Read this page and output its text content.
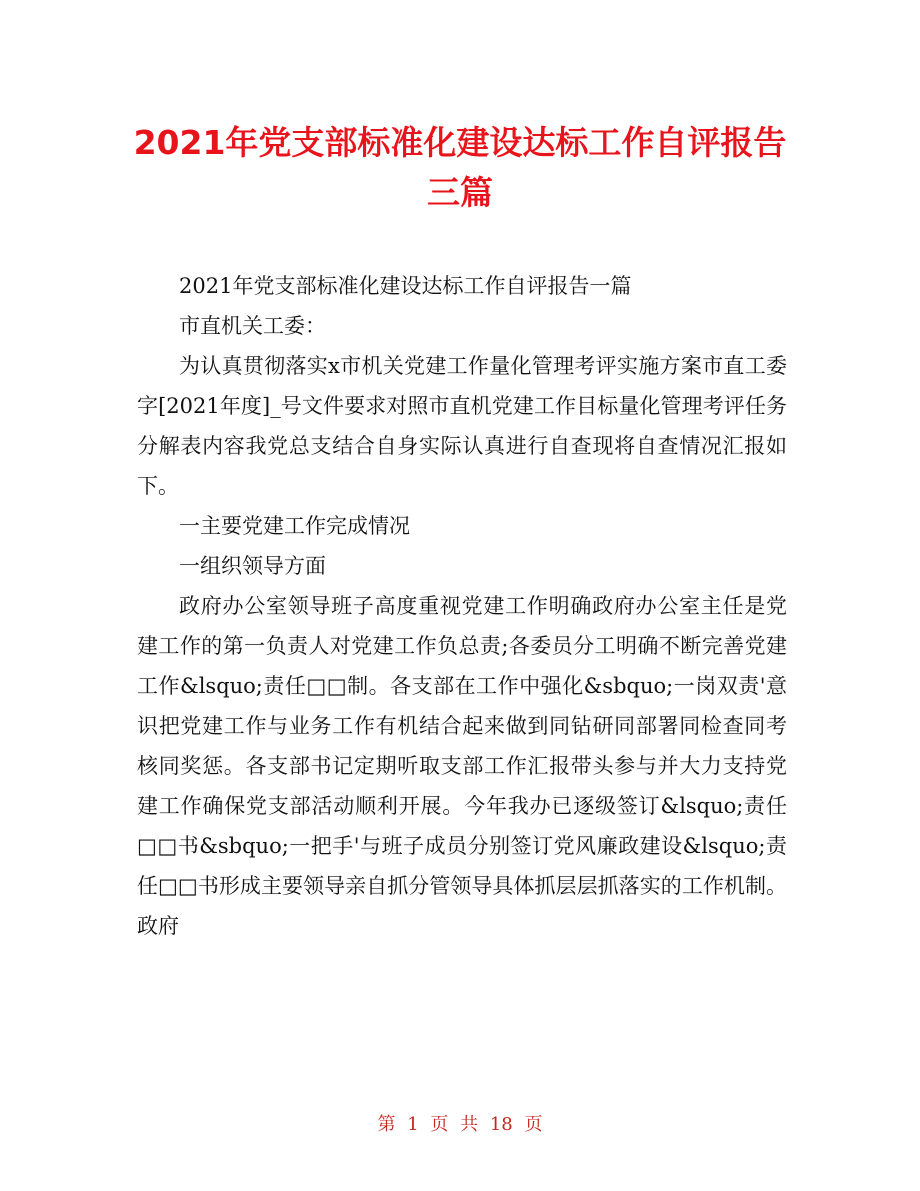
2021年党支部标准化建设达标工作自评报告三篇

2021年党支部标准化建设达标工作自评报告一篇

市直机关工委：

为认真贯彻落实x市机关党建工作量化管理考评实施方案市直工委字[2021年度]_号文件要求对照市直机党建工作目标量化管理考评任务分解表内容我党总支结合自身实际认真进行自查现将自查情况汇报如下。

一主要党建工作完成情况

一组织领导方面

政府办公室领导班子高度重视党建工作明确政府办公室主任是党建工作的第一负责人对党建工作负总责;各委员分工明确不断完善党建工作&lsquo;责任□□制。各支部在工作中强化&sbquo;一岗双责'意识把党建工作与业务工作有机结合起来做到同钻研同部署同检查同考核同奖惩。各支部书记定期听取支部工作汇报带头参与并大力支持党建工作确保党支部活动顺利开展。今年我办已逐级签订&lsquo;责任□□书&sbquo;一把手'与班子成员分别签订党风廉政建设&lsquo;责任□□书形成主要领导亲自抓分管领导具体抓层层抓落实的工作机制。政府

第 1 页 共 18 页
